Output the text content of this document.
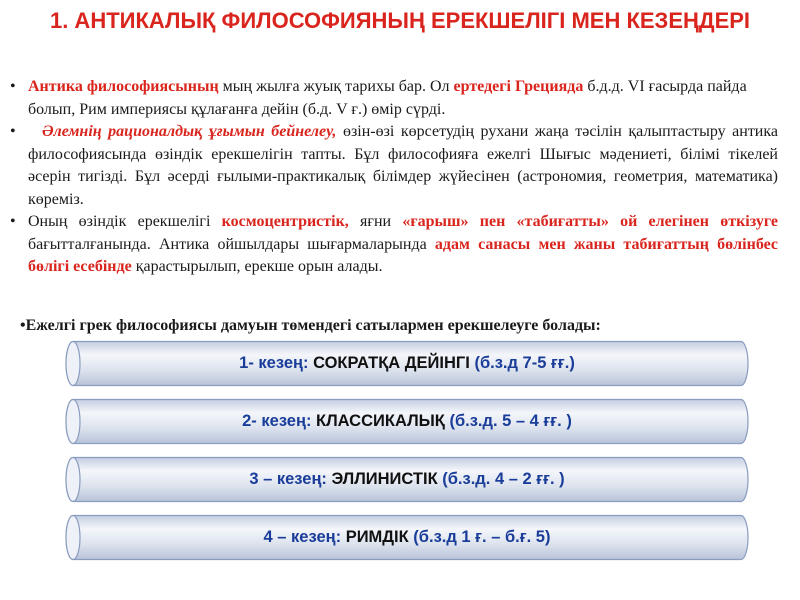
1. АНТИКАЛЫҚ ФИЛОСОФИЯНЫҢ ЕРЕКШЕЛІГІ МЕН КЕЗЕҢДЕРІ
• Антика философиясының мың жылға жуық тарихы бар. Ол ертедегі Грецияда б.д.д. VI ғасырда пайда болып, Рим империясы құлағанға дейін (б.д. V ғ.) өмір сүрді.
• Әлемнің рационалдық ұғымын бейнелеу, өзін-өзі көрсетудің рухани жаңа тәсілін қалыптастыру антика философиясында өзіндік ерекшелігін тапты. Бұл философияға ежелгі Шығыс мәдениеті, білімі тікелей әсерін тигізді. Бұл әсерді ғылыми-практикалық білімдер жүйесінен (астрономия, геометрия, математика) көреміз.
• Оның өзіндік ерекшелігі космоцентристік, яғни «ғарыш» пен «табиғатты» ой елегінен өткізуге бағытталғанында. Антика ойшылдары шығармаларында адам санасы мен жаны табиғаттың бөлінбес бөлігі есебінде қарастырылып, ерекше орын алады.
•Ежелгі грек философиясы дамуын төмендегі сатылармен ерекшелеуге болады:
1- кезең: СОКРАТҚА ДЕЙІНГІ (б.з.д 7-5 ғғ.)
2- кезең: КЛАССИКАЛЫҚ (б.з.д. 5 – 4 ғғ. )
3 – кезең: ЭЛЛИНИСТІК (б.з.д. 4 – 2 ғғ. )
4 – кезең: РИМДІК (б.з.д 1 ғ. – б.ғ. 5)
